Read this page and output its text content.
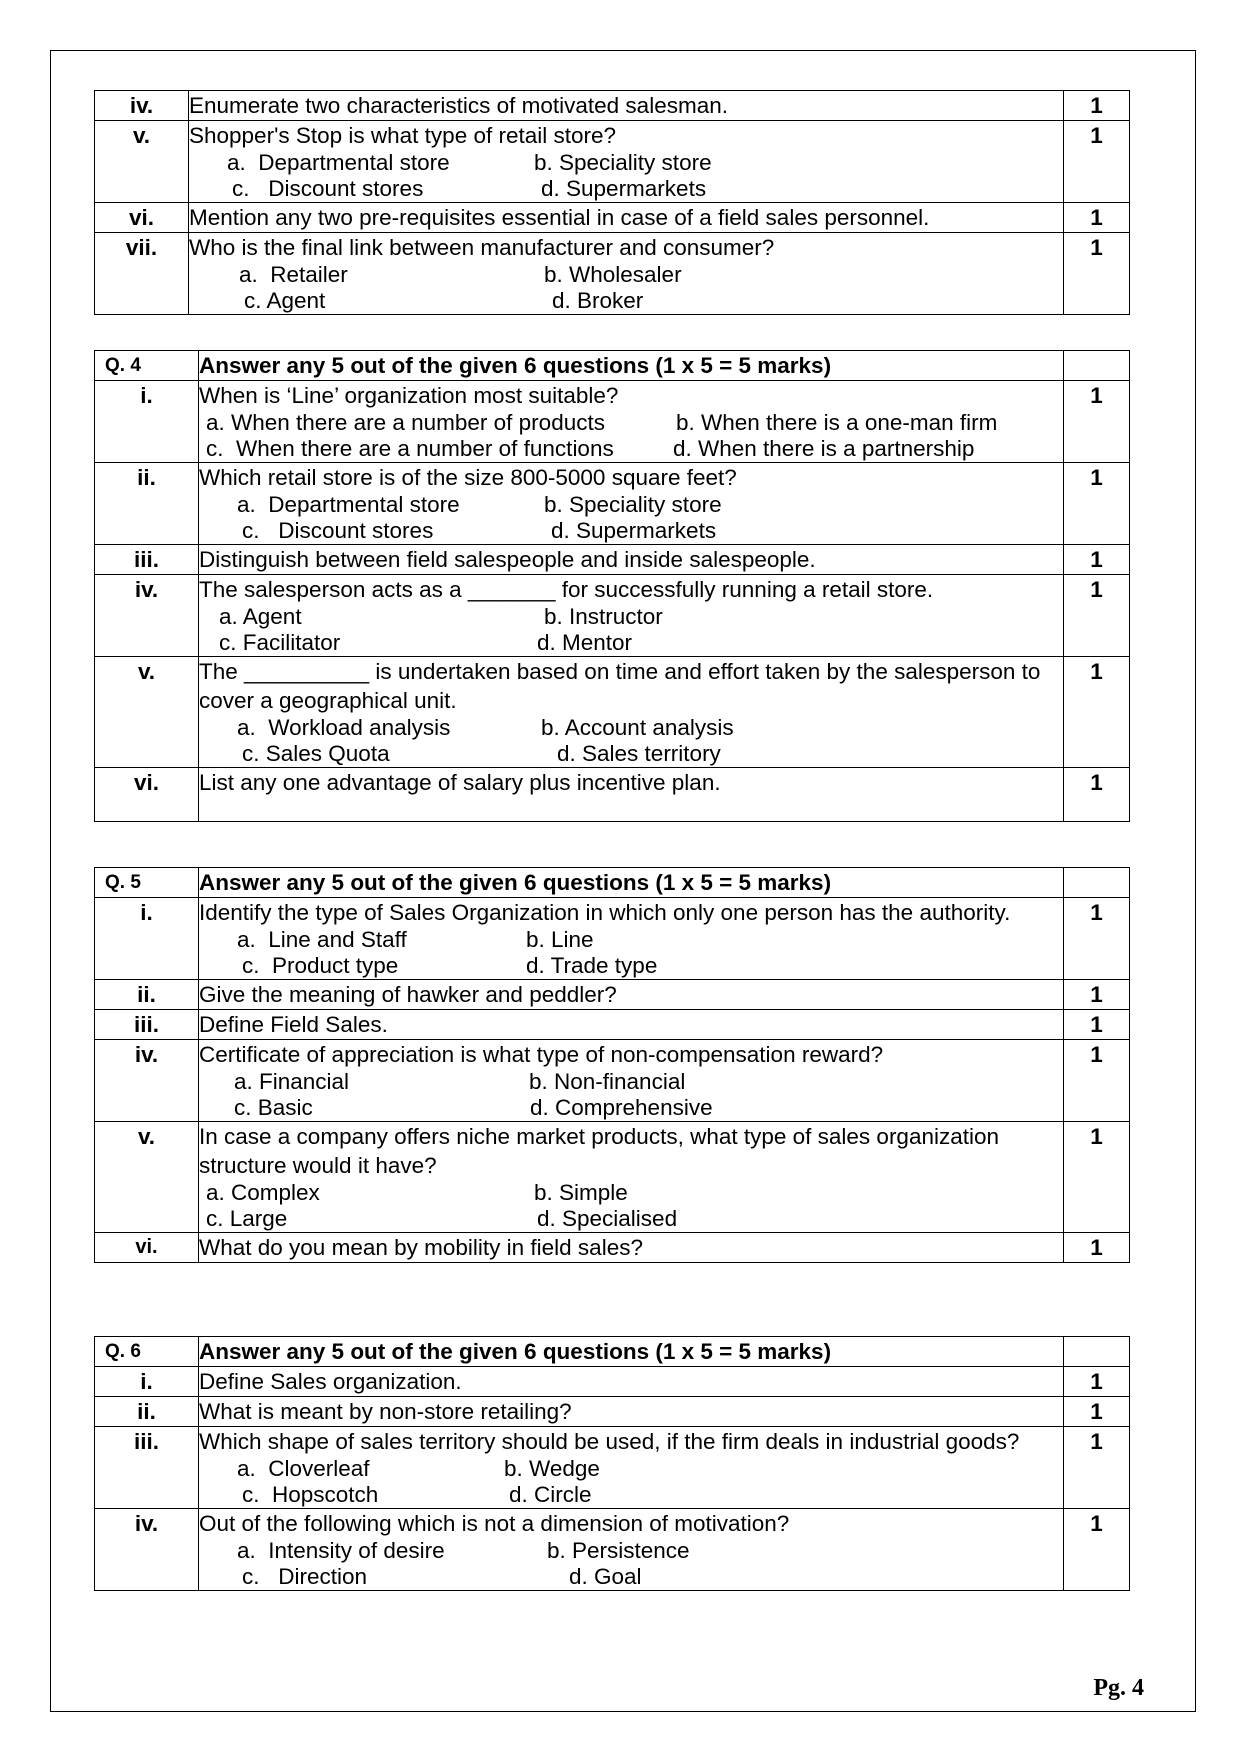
iv.	Enumerate two characteristics of motivated salesman.	1
v.	Shopper's Stop is what type of retail store?
a.  Departmental store b. Speciality store
c.   Discount stores d. Supermarkets	1
vi.	Mention any two pre-requisites essential in case of a field sales personnel.	1
vii.	Who is the final link between manufacturer and consumer?
a.  Retailer b. Wholesaler
c. Agent d. Broker	1
Q. 4	Answer any 5 out of the given 6 questions (1 x 5 = 5 marks)	
i.	When is ‘Line’ organization most suitable?
a. When there are a number of products b. When there is a one-man firm
c.  When there are a number of functions d. When there is a partnership	1
ii.	Which retail store is of the size 800-5000 square feet?
a.  Departmental store b. Speciality store
c.   Discount stores d. Supermarkets	1
iii.	Distinguish between field salespeople and inside salespeople.	1
iv.	The salesperson acts as a _______ for successfully running a retail store.
a. Agent b. Instructor
c. Facilitator d. Mentor	1
v.	The __________ is undertaken based on time and effort taken by the salesperson to cover a geographical unit.
a.  Workload analysis b. Account analysis
c. Sales Quota d. Sales territory	1
vi.	List any one advantage of salary plus incentive plan.	1
Q. 5	Answer any 5 out of the given 6 questions (1 x 5 = 5 marks)	
i.	Identify the type of Sales Organization in which only one person has the authority.
a.  Line and Staff b. Line
c.  Product type d. Trade type	1
ii.	Give the meaning of hawker and peddler?	1
iii.	Define Field Sales.	1
iv.	Certificate of appreciation is what type of non-compensation reward?
a. Financial b. Non-financial
c. Basic d. Comprehensive	1
v.	In case a company offers niche market products, what type of sales organization structure would it have?
a. Complex b. Simple
c. Large d. Specialised	1
vi.	What do you mean by mobility in field sales?	1
Q. 6	Answer any 5 out of the given 6 questions (1 x 5 = 5 marks)	
i.	Define Sales organization.	1
ii.	What is meant by non-store retailing?	1
iii.	Which shape of sales territory should be used, if the firm deals in industrial goods?
a.  Cloverleaf b. Wedge
c.  Hopscotch d. Circle	1
iv.	Out of the following which is not a dimension of motivation?
a.  Intensity of desire b. Persistence
c.   Direction d. Goal	1
Pg. 4
